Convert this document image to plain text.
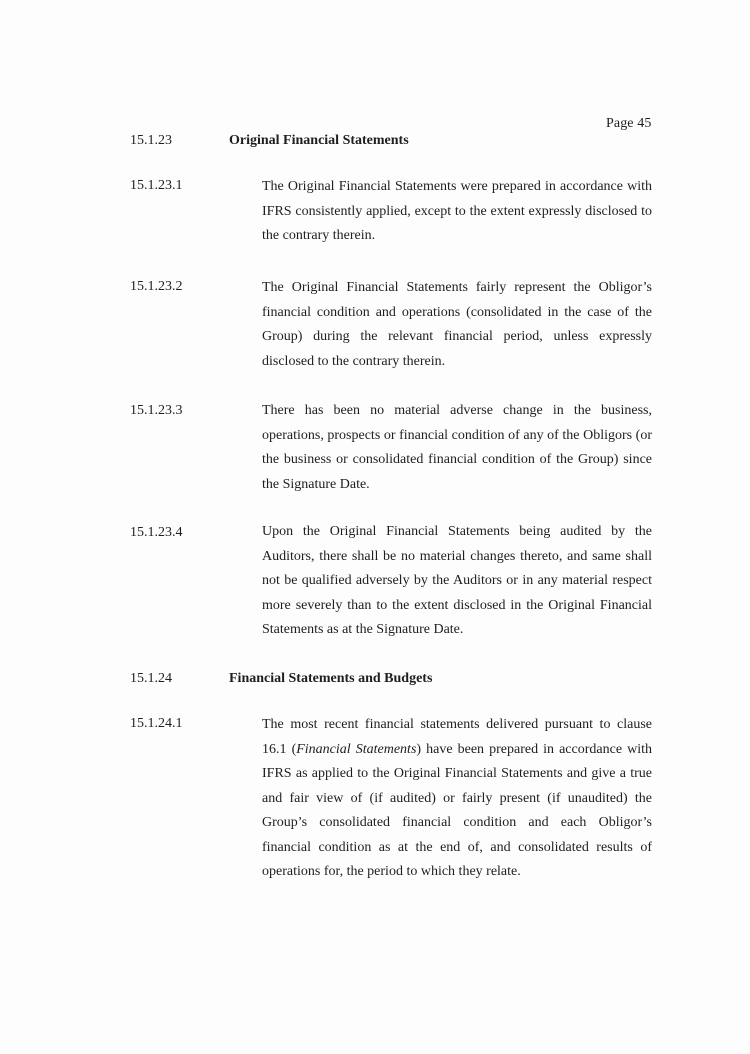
Page 45
15.1.23	Original Financial Statements
15.1.23.1	The Original Financial Statements were prepared in accordance with IFRS consistently applied, except to the extent expressly disclosed to the contrary therein.
15.1.23.2	The Original Financial Statements fairly represent the Obligor’s financial condition and operations (consolidated in the case of the Group) during the relevant financial period, unless expressly disclosed to the contrary therein.
15.1.23.3	There has been no material adverse change in the business, operations, prospects or financial condition of any of the Obligors (or the business or consolidated financial condition of the Group) since the Signature Date.
15.1.23.4	Upon the Original Financial Statements being audited by the Auditors, there shall be no material changes thereto, and same shall not be qualified adversely by the Auditors or in any material respect more severely than to the extent disclosed in the Original Financial Statements as at the Signature Date.
15.1.24	Financial Statements and Budgets
15.1.24.1	The most recent financial statements delivered pursuant to clause 16.1 (Financial Statements) have been prepared in accordance with IFRS as applied to the Original Financial Statements and give a true and fair view of (if audited) or fairly present (if unaudited) the Group’s consolidated financial condition and each Obligor’s financial condition as at the end of, and consolidated results of operations for, the period to which they relate.
